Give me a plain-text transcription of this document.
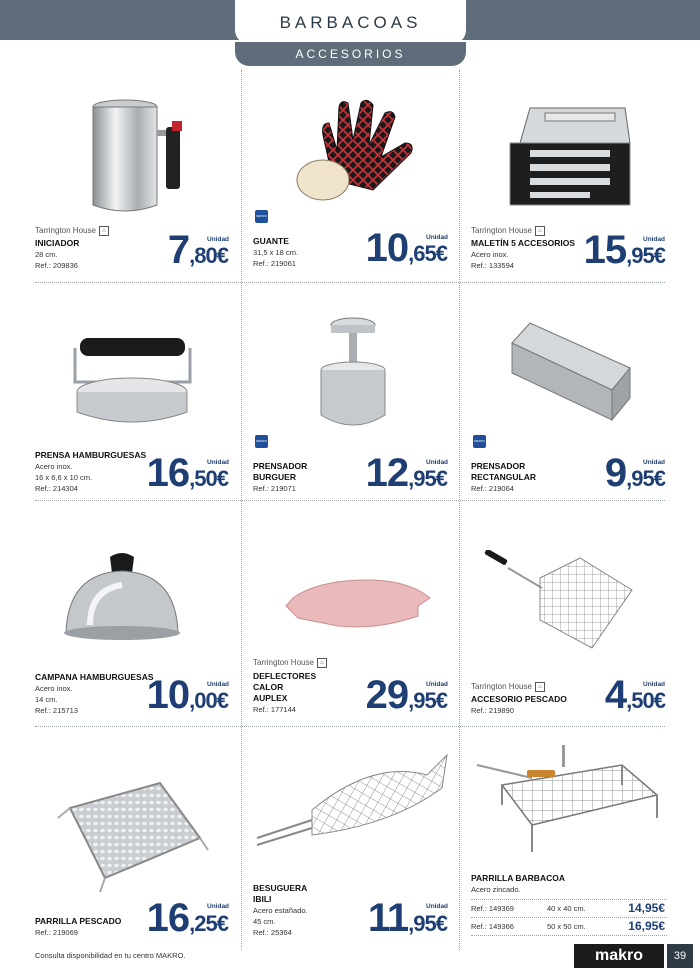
BARBACOAS
ACCESORIOS
Tarrington House ⌂
INICIADOR
28 cm.
Ref.: 209836
Unidad
7,80€
METRO
GUANTE
31,5 x 18 cm.
Ref.: 219061
Unidad
10,65€
Tarrington House ⌂
MALETÍN 5 ACCESORIOS
Acero inox.
Ref.: 133594
Unidad
15,95€
PRENSA HAMBURGUESAS
Acero inox.
16 x 6,6 x 10 cm.
Ref.: 214304
Unidad
16,50€
METRO
PRENSADOR
BURGUER
Ref.: 219071
Unidad
12,95€
METRO
PRENSADOR
RECTANGULAR
Ref.: 219064
Unidad
9,95€
CAMPANA HAMBURGUESAS
Acero inox.
14 cm.
Ref.: 215713
Unidad
10,00€
Tarrington House ⌂
DEFLECTORES
CALOR
AUPLEX
Ref.: 177144
Unidad
29,95€
Tarrington House ⌂
ACCESORIO PESCADO
Ref.: 219890
Unidad
4,50€
PARRILLA PESCADO
Ref.: 219069
Unidad
16,25€
BESUGUERA
IBILI
Acero estañado.
45 cm.
Ref.: 25364
Unidad
11,95€
PARRILLA BARBACOA
Acero zincado.
Ref.: 149369	40 x 40 cm.	14,95€
Ref.: 149366	50 x 50 cm.	16,95€
Consulta disponibilidad en tu centro MAKRO.	makro	39
